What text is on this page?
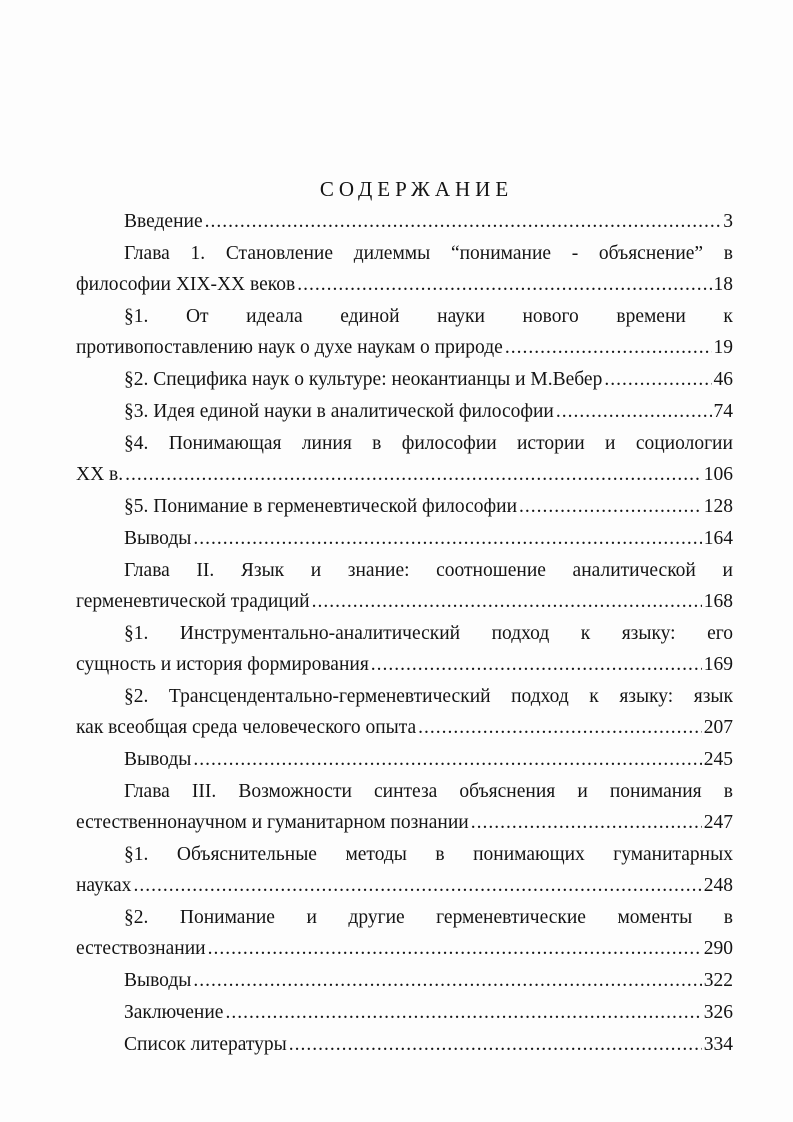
СОДЕРЖАНИЕ
Введение .....	3
Глава 1. Становление дилеммы “понимание - объяснение” в
философии XIX-XX веков .....	18
§1. От идеала единой науки нового времени к
противопоставлению наук о духе наукам о природе .....	19
§2. Специфика наук о культуре: неокантианцы и М.Вебер .....	46
§3. Идея единой науки в аналитической философии .....	74
§4. Понимающая линия в философии истории и социологии
XX в. .....	106
§5. Понимание в герменевтической философии .....	128
Выводы .....	164
Глава II. Язык и знание: соотношение аналитической и
герменевтической традиций .....	168
§1. Инструментально-аналитический подход к языку: его
сущность и история формирования .....	169
§2. Трансцендентально-герменевтический подход к языку: язык
как всеобщая среда человеческого опыта .....	207
Выводы .....	245
Глава III. Возможности синтеза объяснения и понимания в
естественнонаучном и гуманитарном познании .....	247
§1. Объяснительные методы в понимающих гуманитарных
науках .....	248
§2. Понимание и другие герменевтические моменты в
естествознании .....	290
Выводы .....	322
Заключение .....	326
Список литературы .....	334
